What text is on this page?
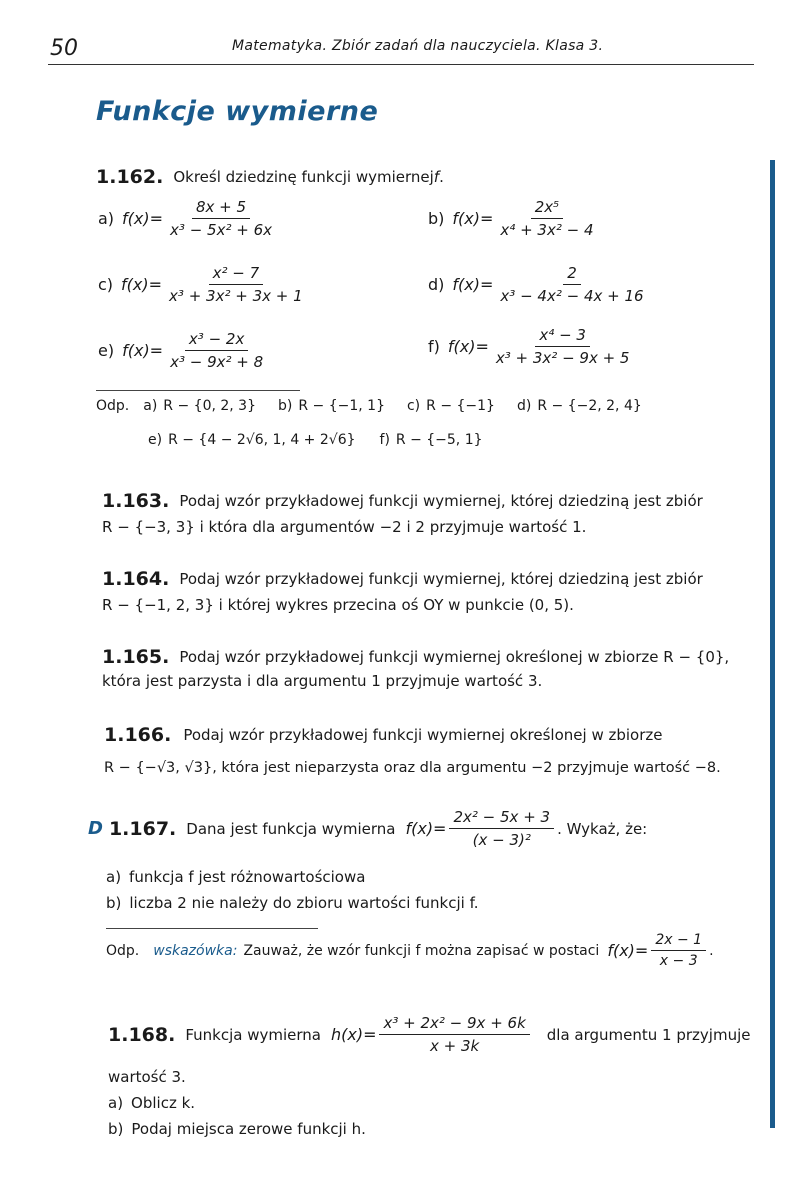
50	Matematyka. Zbiór zadań dla nauczyciela. Klasa 3.
Funkcje wymierne
1.162. Określ dziedzinę funkcji wymiernej f .
a) $f(x)= \frac{8x + 5}{\text{x³ − 5x² + 6x}}$	b) $f(x)= \frac{\text{2x⁵}}{\text{x⁴ + 3x² − 4}}$
c) $f(x)= \frac{\text{x² − 7}}{\text{x³ + 3x² + 3x + 1}}$	d) $f(x)= \frac{2}{\text{x³ − 4x² − 4x + 16}}$
e) $f(x)= \frac{\text{x³ − 2x}}{\text{x³ − 9x² + 8}}$	f) $f(x)= \frac{\text{x⁴ − 3}}{\text{x³ + 3x² − 9x + 5}}$
Odp. a) R − {0, 2, 3} b) R − {−1, 1} c) R − {−1} d) R − {−2, 2, 4}
e) R − {4 − 2√6, 1, 4 + 2√6} f) R − {−5, 1}
1.163. Podaj wzór przykładowej funkcji wymiernej, której dziedziną jest zbiór
R − {−3, 3} i która dla argumentów −2 i 2 przyjmuje wartość 1.
1.164. Podaj wzór przykładowej funkcji wymiernej, której dziedziną jest zbiór
R − {−1, 2, 3} i której wykres przecina oś OY w punkcie (0, 5).
1.165. Podaj wzór przykładowej funkcji wymiernej określonej w zbiorze R − {0},
która jest parzysta i dla argumentu 1 przyjmuje wartość 3.
1.166. Podaj wzór przykładowej funkcji wymiernej określonej w zbiorze
R − {−√3, √3}, która jest nieparzysta oraz dla argumentu −2 przyjmuje wartość −8.
D 1.167. Dana jest funkcja wymierna $f(x)= \frac{\text{2x² − 5x + 3}}{\text{(x − 3)²}}$ . Wykaż, że:
a) funkcja f jest różnowartościowa
b) liczba 2 nie należy do zbioru wartości funkcji f.
Odp. wskazówka: Zauważ, że wzór funkcji f można zapisać w postaci $f(x)= \frac{2x - 1}{x - 3}$ .
1.168. Funkcja wymierna $h(x)= \frac{\text{x³ + 2x² − 9x + 6k}}{x + 3k}$ dla argumentu 1 przyjmuje
wartość 3.
a) Oblicz k.
b) Podaj miejsca zerowe funkcji h.
